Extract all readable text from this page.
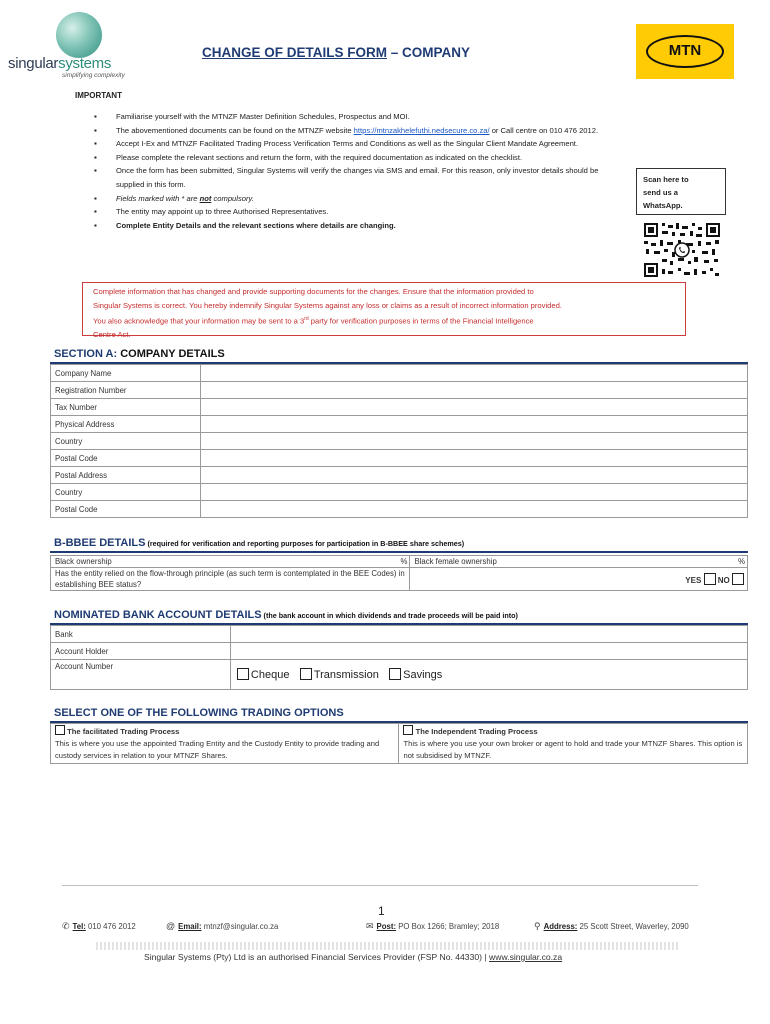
singularsystems
simplifying complexity
CHANGE OF DETAILS FORM – COMPANY	MTN
IMPORTANT
▪ Familiarise yourself with the MTNZF Master Definition Schedules, Prospectus and MOI.
▪ The abovementioned documents can be found on the MTNZF website https://mtnzakhelefuthi.nedsecure.co.za/ or Call centre on 010 476 2012.
▪ Accept I-Ex and MTNZF Facilitated Trading Process Verification Terms and Conditions as well as the Singular Client Mandate Agreement.
▪ Please complete the relevant sections and return the form, with the required documentation as indicated on the checklist.
▪ Once the form has been submitted, Singular Systems will verify the changes via SMS and email. For this reason, only investor details should be supplied in this form.
▪ Fields marked with * are not compulsory.
▪ The entity may appoint up to three Authorised Representatives.
▪ Complete Entity Details and the relevant sections where details are changing.
Scan here to
send us a
WhatsApp.
Complete information that has changed and provide supporting documents for the changes. Ensure that the information provided to
Singular Systems is correct. You hereby indemnify Singular Systems against any loss or claims as a result of incorrect information provided.
You also acknowledge that your information may be sent to a 3rd party for verification purposes in terms of the Financial Intelligence
Centre Act.
SECTION A: COMPANY DETAILS
Company Name	
Registration Number	
Tax Number	
Physical Address	
Country	
Postal Code	
Postal Address	
Country	
Postal Code	
B-BBEE DETAILS (required for verification and reporting purposes for participation in B-BBEE share schemes)
Black ownership	%	Black female ownership	%
Has the entity relied on the flow-through principle (as such term is contemplated in the BEE Codes) in establishing BEE status?		YES NO	
NOMINATED BANK ACCOUNT DETAILS (the bank account in which dividends and trade proceeds will be paid into)
Bank	
Account Holder	
Account Number	Cheque Transmission Savings
SELECT ONE OF THE FOLLOWING TRADING OPTIONS
The facilitated Trading Process
This is where you use the appointed Trading Entity and the Custody Entity to provide trading and custody services in relation to your MTNZF Shares.

The Independent Trading Process
This is where you use your own broker or agent to hold and trade your MTNZF Shares. This option is not subsidised by MTNZF.
1
✆ Tel: 010 476 2012	@ Email: mtnzf@singular.co.za	✉ Post: PO Box 1266; Bramley; 2018	⚲ Address: 25 Scott Street, Waverley, 2090
Singular Systems (Pty) Ltd is an authorised Financial Services Provider (FSP No. 44330) | www.singular.co.za
